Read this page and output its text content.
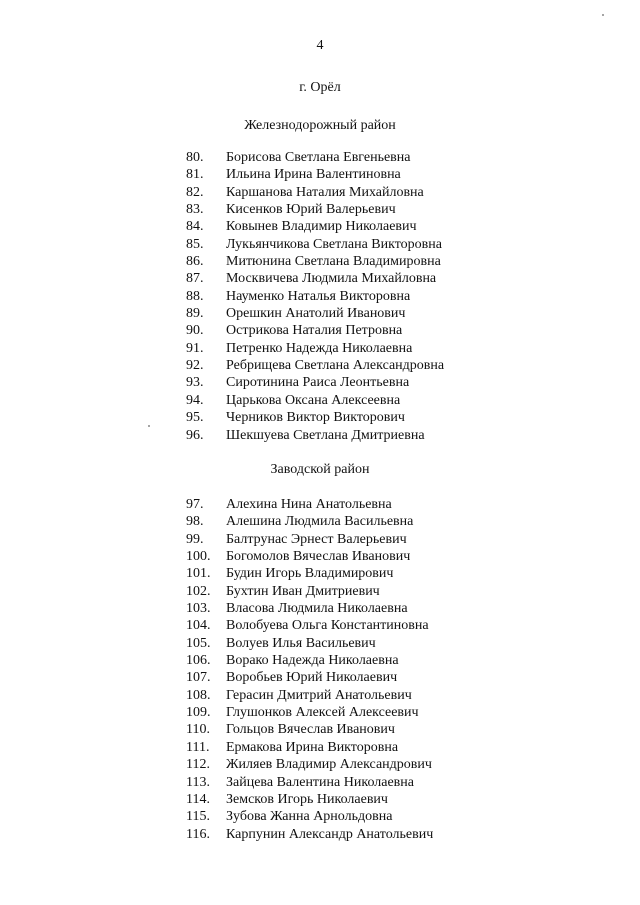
4
г. Орёл
Железнодорожный район
80.	Борисова Светлана Евгеньевна
81.	Ильина Ирина Валентиновна
82.	Каршанова Наталия Михайловна
83.	Кисенков Юрий Валерьевич
84.	Ковынев Владимир Николаевич
85.	Лукьянчикова Светлана Викторовна
86.	Митюнина Светлана Владимировна
87.	Москвичева Людмила Михайловна
88.	Науменко Наталья Викторовна
89.	Орешкин Анатолий Иванович
90.	Острикова Наталия Петровна
91.	Петренко Надежда Николаевна
92.	Ребрищева Светлана Александровна
93.	Сиротинина Раиса Леонтьевна
94.	Царькова Оксана Алексеевна
95.	Черников Виктор Викторович
96.	Шекшуева Светлана Дмитриевна
Заводской район
97.	Алехина Нина Анатольевна
98.	Алешина Людмила Васильевна
99.	Балтрунас Эрнест Валерьевич
100.	Богомолов Вячеслав Иванович
101.	Будин Игорь Владимирович
102.	Бухтин Иван Дмитриевич
103.	Власова Людмила Николаевна
104.	Волобуева Ольга Константиновна
105.	Волуев Илья Васильевич
106.	Ворако Надежда Николаевна
107.	Воробьев Юрий Николаевич
108.	Герасин Дмитрий Анатольевич
109.	Глушонков Алексей Алексеевич
110.	Гольцов Вячеслав Иванович
111.	Ермакова Ирина Викторовна
112.	Жиляев Владимир Александрович
113.	Зайцева Валентина Николаевна
114.	Земсков Игорь Николаевич
115.	Зубова Жанна Арнольдовна
116.	Карпунин Александр Анатольевич
